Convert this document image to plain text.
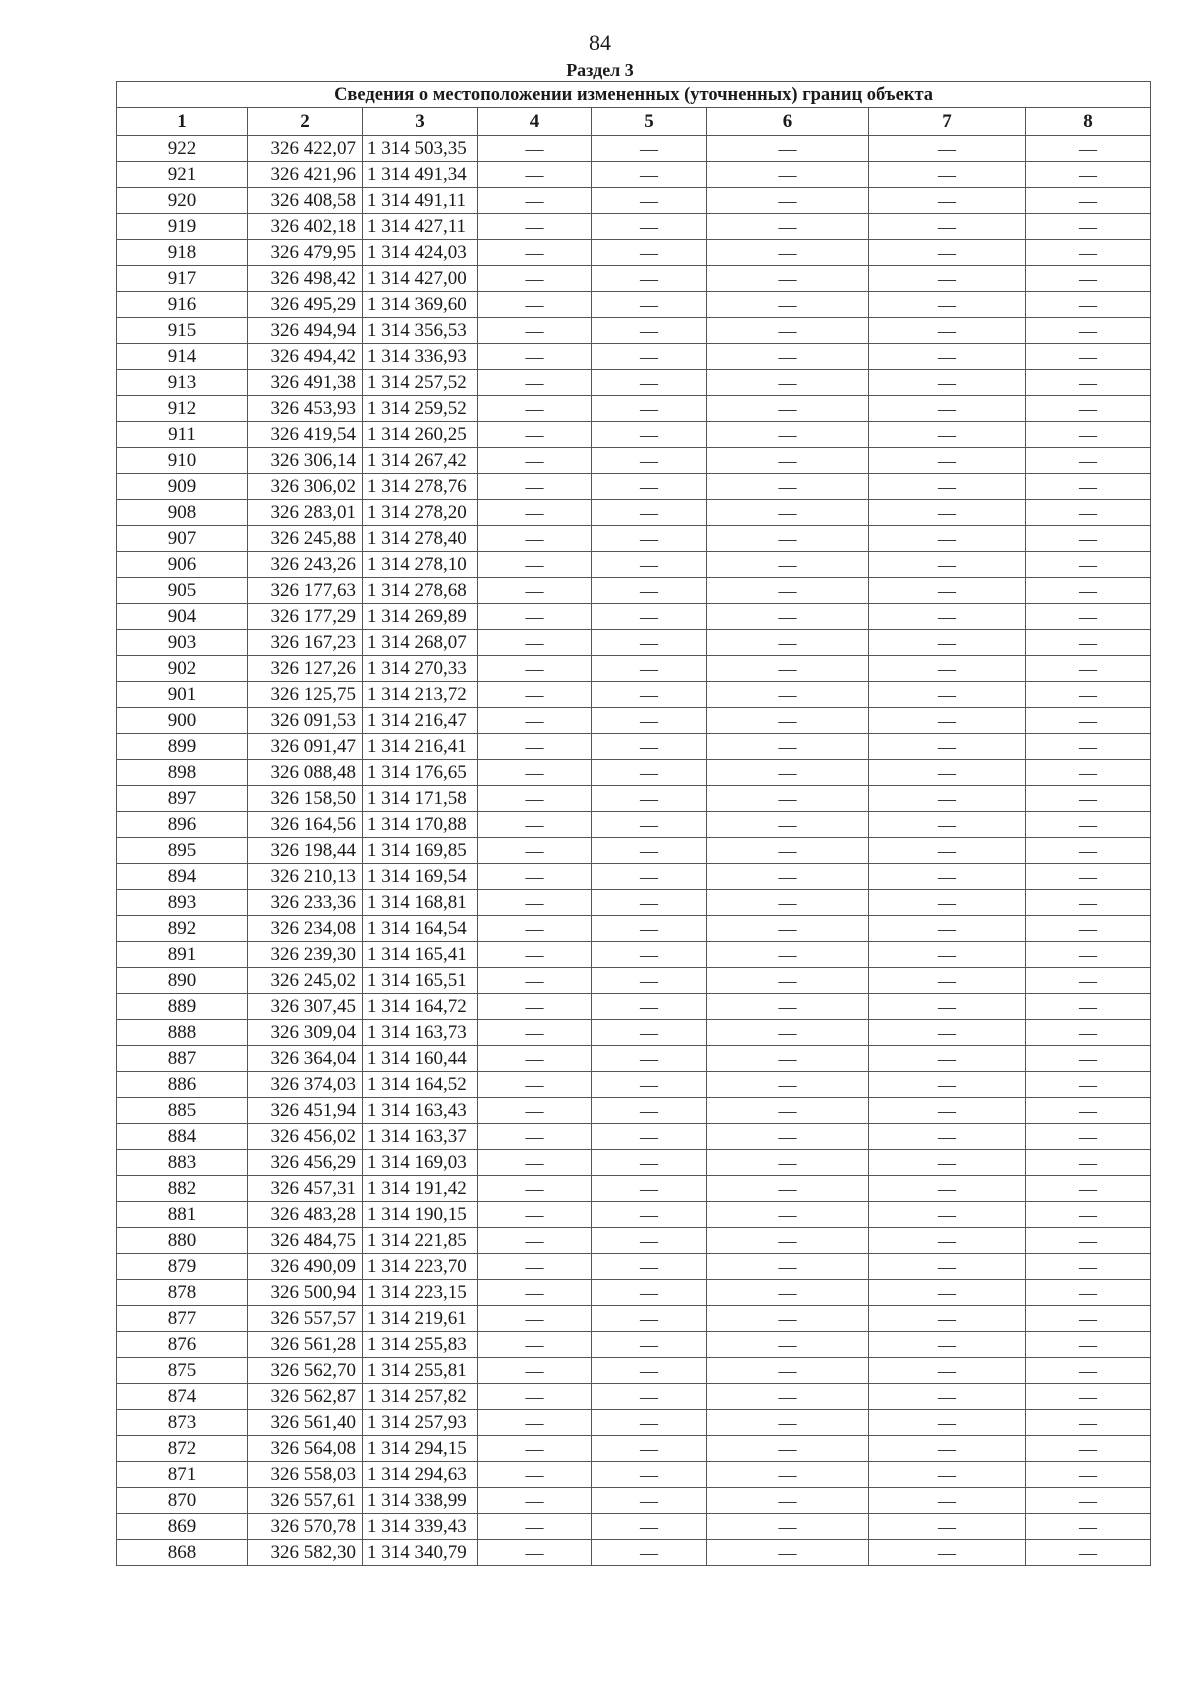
84
Раздел 3
Сведения о местоположении измененных (уточненных) границ объекта							
1	2	3	4	5	6	7	8
922	326 422,07	1 314 503,35	—	—	—	—	—
921	326 421,96	1 314 491,34	—	—	—	—	—
920	326 408,58	1 314 491,11	—	—	—	—	—
919	326 402,18	1 314 427,11	—	—	—	—	—
918	326 479,95	1 314 424,03	—	—	—	—	—
917	326 498,42	1 314 427,00	—	—	—	—	—
916	326 495,29	1 314 369,60	—	—	—	—	—
915	326 494,94	1 314 356,53	—	—	—	—	—
914	326 494,42	1 314 336,93	—	—	—	—	—
913	326 491,38	1 314 257,52	—	—	—	—	—
912	326 453,93	1 314 259,52	—	—	—	—	—
911	326 419,54	1 314 260,25	—	—	—	—	—
910	326 306,14	1 314 267,42	—	—	—	—	—
909	326 306,02	1 314 278,76	—	—	—	—	—
908	326 283,01	1 314 278,20	—	—	—	—	—
907	326 245,88	1 314 278,40	—	—	—	—	—
906	326 243,26	1 314 278,10	—	—	—	—	—
905	326 177,63	1 314 278,68	—	—	—	—	—
904	326 177,29	1 314 269,89	—	—	—	—	—
903	326 167,23	1 314 268,07	—	—	—	—	—
902	326 127,26	1 314 270,33	—	—	—	—	—
901	326 125,75	1 314 213,72	—	—	—	—	—
900	326 091,53	1 314 216,47	—	—	—	—	—
899	326 091,47	1 314 216,41	—	—	—	—	—
898	326 088,48	1 314 176,65	—	—	—	—	—
897	326 158,50	1 314 171,58	—	—	—	—	—
896	326 164,56	1 314 170,88	—	—	—	—	—
895	326 198,44	1 314 169,85	—	—	—	—	—
894	326 210,13	1 314 169,54	—	—	—	—	—
893	326 233,36	1 314 168,81	—	—	—	—	—
892	326 234,08	1 314 164,54	—	—	—	—	—
891	326 239,30	1 314 165,41	—	—	—	—	—
890	326 245,02	1 314 165,51	—	—	—	—	—
889	326 307,45	1 314 164,72	—	—	—	—	—
888	326 309,04	1 314 163,73	—	—	—	—	—
887	326 364,04	1 314 160,44	—	—	—	—	—
886	326 374,03	1 314 164,52	—	—	—	—	—
885	326 451,94	1 314 163,43	—	—	—	—	—
884	326 456,02	1 314 163,37	—	—	—	—	—
883	326 456,29	1 314 169,03	—	—	—	—	—
882	326 457,31	1 314 191,42	—	—	—	—	—
881	326 483,28	1 314 190,15	—	—	—	—	—
880	326 484,75	1 314 221,85	—	—	—	—	—
879	326 490,09	1 314 223,70	—	—	—	—	—
878	326 500,94	1 314 223,15	—	—	—	—	—
877	326 557,57	1 314 219,61	—	—	—	—	—
876	326 561,28	1 314 255,83	—	—	—	—	—
875	326 562,70	1 314 255,81	—	—	—	—	—
874	326 562,87	1 314 257,82	—	—	—	—	—
873	326 561,40	1 314 257,93	—	—	—	—	—
872	326 564,08	1 314 294,15	—	—	—	—	—
871	326 558,03	1 314 294,63	—	—	—	—	—
870	326 557,61	1 314 338,99	—	—	—	—	—
869	326 570,78	1 314 339,43	—	—	—	—	—
868	326 582,30	1 314 340,79	—	—	—	—	—
